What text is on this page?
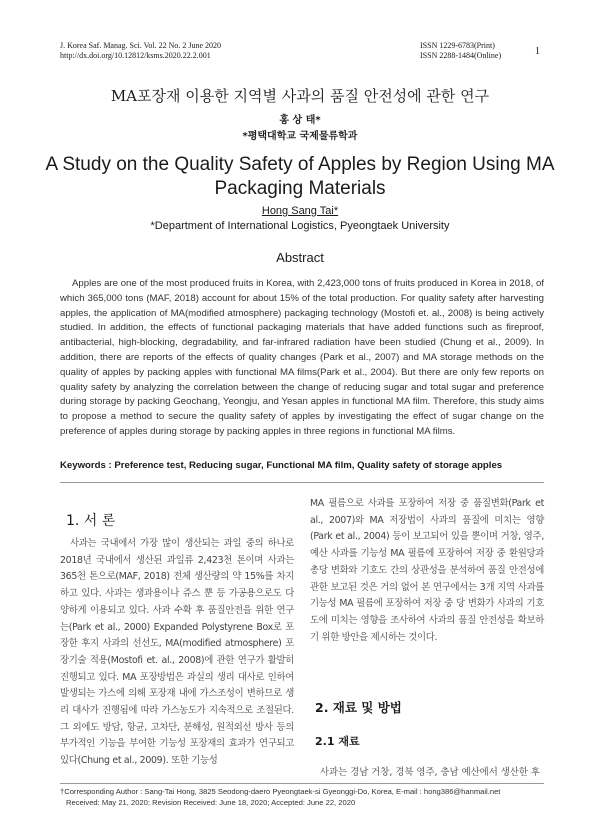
J. Korea Saf. Manag. Sci. Vol. 22 No. 2 June 2020
http://dx.doi.org/10.12812/ksms.2020.22.2.001
ISSN 1229-6783(Print)
ISSN 2288-1484(Online)	1
MA포장재 이용한 지역별 사과의 품질 안전성에 관한 연구
홍 상 태*
*평택대학교 국제물류학과
A Study on the Quality Safety of Apples by Region Using MA Packaging Materials
Hong Sang Tai*
*Department of International Logistics, Pyeongtaek University
Abstract

Apples are one of the most produced fruits in Korea, with 2,423,000 tons of fruits produced in Korea in 2018, of which 365,000 tons (MAF, 2018) account for about 15% of the total production. For quality safety after harvesting apples, the application of MA(modified atmosphere) packaging technology (Mostofi et. al., 2008) is being actively studied. In addition, the effects of functional packaging materials that have added functions such as fireproof, antibacterial, high-blocking, degradability, and far-infrared radiation have been studied (Chung et al., 2009). In addition, there are reports of the effects of quality changes (Park et al., 2007) and MA storage methods on the quality of apples by packing apples with functional MA films(Park et al., 2004). But there are only few reports on quality safety by analyzing the correlation between the change of reducing sugar and total sugar and preference during storage by packing Geochang, Yeongju, and Yesan apples in functional MA film. Therefore, this study aims to propose a method to secure the quality safety of apples by investigating the effect of sugar change on the preference of apples during storage by packing apples in three regions in functional MA films.

Keywords : Preference test, Reducing sugar, Functional MA film, Quality safety of storage apples

1. 서 론

사과는 국내에서 가장 많이 생산되는 과일 중의 하나로 2018년 국내에서 생산된 과일류 2,423천 톤이며 사과는 365천 톤으로(MAF, 2018) 전체 생산량의 약 15%를 차지하고 있다. 사과는 생과용이나 쥬스 뿐 등 가공용으로도 다양하게 이용되고 있다. 사과 수확 후 품질안전을 위한 연구는(Park et al., 2000) Expanded Polystyrene Box로 포장한 후지 사과의 선선도, MA(modified atmosphere) 포장기술 적용(Mostofi et. al., 2008)에 관한 연구가 활발히 진행되고 있다. MA 포장방법은 과실의 생리 대사로 인하여 발생되는 가스에 의해 포장재 내에 가스조성이 변하므로 생리 대사가 진행됨에 따라 가스농도가 지속적으로 조절된다. 그 외에도 방담, 항균, 고차단, 분해성, 원적외선 방사 등의 부가적인 기능을 부여한 기능성 포장재의 효과가 연구되고 있다(Chung et al., 2009). 또한 기능성

MA 필름으로 사과를 포장하여 저장 중 품질변화(Park et al., 2007)와 MA 저장법이 사과의 품질에 미치는 영향(Park et al., 2004) 등이 보고되어 있을 뿐이며 거창, 영주, 예산 사과를 기능성 MA 필름에 포장하여 저장 중 환원당과 총당 변화와 기호도 간의 상관성을 분석하여 품질 안전성에 관한 보고된 것은 거의 없어 본 연구에서는 3개 지역 사과를 기능성 MA 필름에 포장하여 저장 중 당 변화가 사과의 기호도에 미치는 영향을 조사하여 사과의 품질 안전성을 확보하기 위한 방안을 제시하는 것이다.

2. 재료 및 방법
2.1 재료

사과는 경남 거창, 경북 영주, 충남 예산에서 생산한 후

†Corresponding Author : Sang-Tai Hong, 3825 Seodong-daero Pyeongtaek-si Gyeonggi-Do, Korea, E-mail : hong386@hanmail.net
Received: May 21, 2020; Revision Received: June 18, 2020; Accepted: June 22, 2020
